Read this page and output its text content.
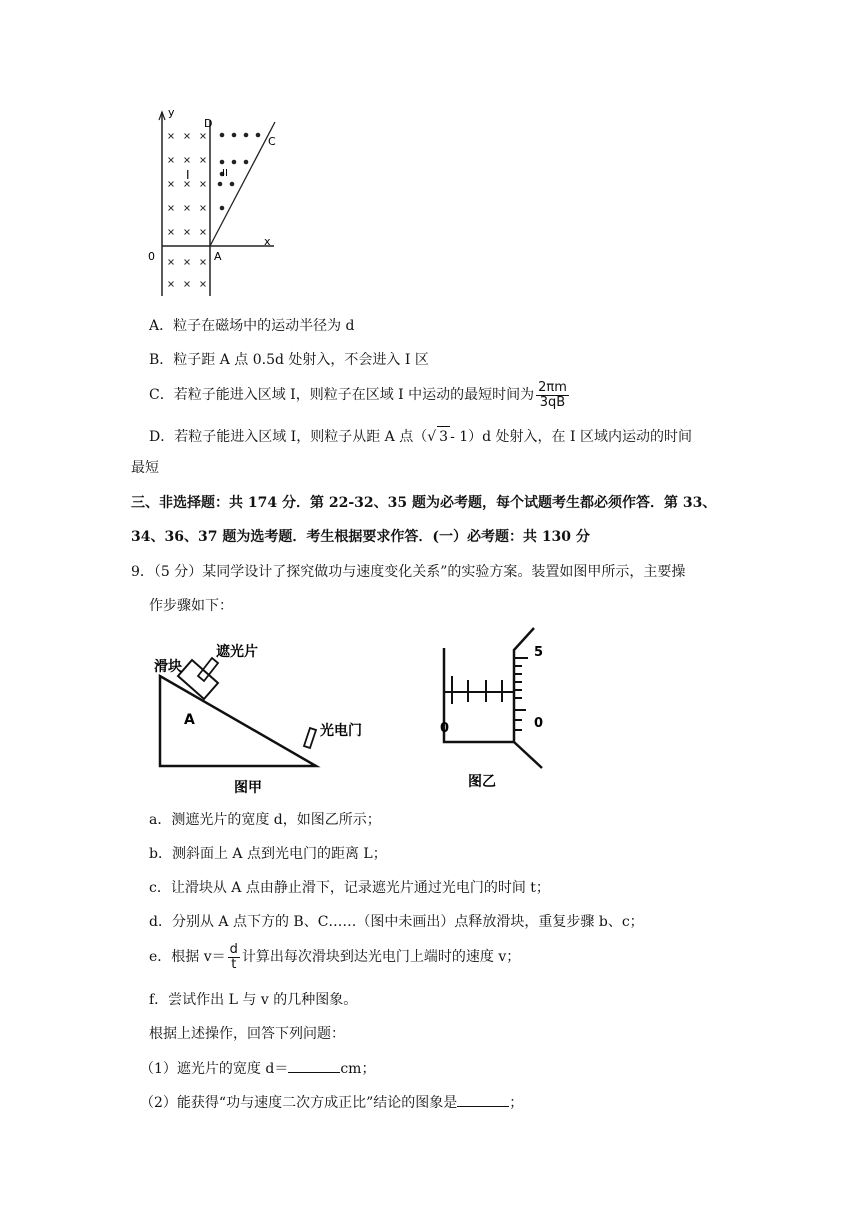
y
D
C
I	II
x
0	A
A．粒子在磁场中的运动半径为 d
B．粒子距 A 点 0.5d 处射入，不会进入 I 区
C．若粒子能进入区域 I，则粒子在区域 I 中运动的最短时间为 $\frac{2\pi m}{3qB}$
D．若粒子能进入区域 I，则粒子从距 A 点（√ 3 - 1）d 处射入，在 I 区域内运动的时间
最短
三、非选择题：共 174 分．第 22-32、35 题为必考题，每个试题考生都必须作答．第 33、
34、36、37 题为选考题．考生根据要求作答．(一）必考题：共 130 分
9．（5 分）某同学设计了探究做功与速度变化关系”的实验方案。装置如图甲所示，主要操
作步骤如下：
滑块
遮光片
A
光电门
图甲
5
0	0
图乙
a．测遮光片的宽度 d，如图乙所示；
b．测斜面上 A 点到光电门的距离 L；
c．让滑块从 A 点由静止滑下，记录遮光片通过光电门的时间 t；
d．分别从 A 点下方的 B、C……（图中未画出）点释放滑块，重复步骤 b、c；
e．根据 $v= \frac{d}{t}$ 计算出每次滑块到达光电门上端时的速度 v；
f．尝试作出 L 与 v 的几种图象。
根据上述操作，回答下列问题：
（1）遮光片的宽度 d＝	cm；
（2）能获得“功与速度二次方成正比”结论的图象是	；
